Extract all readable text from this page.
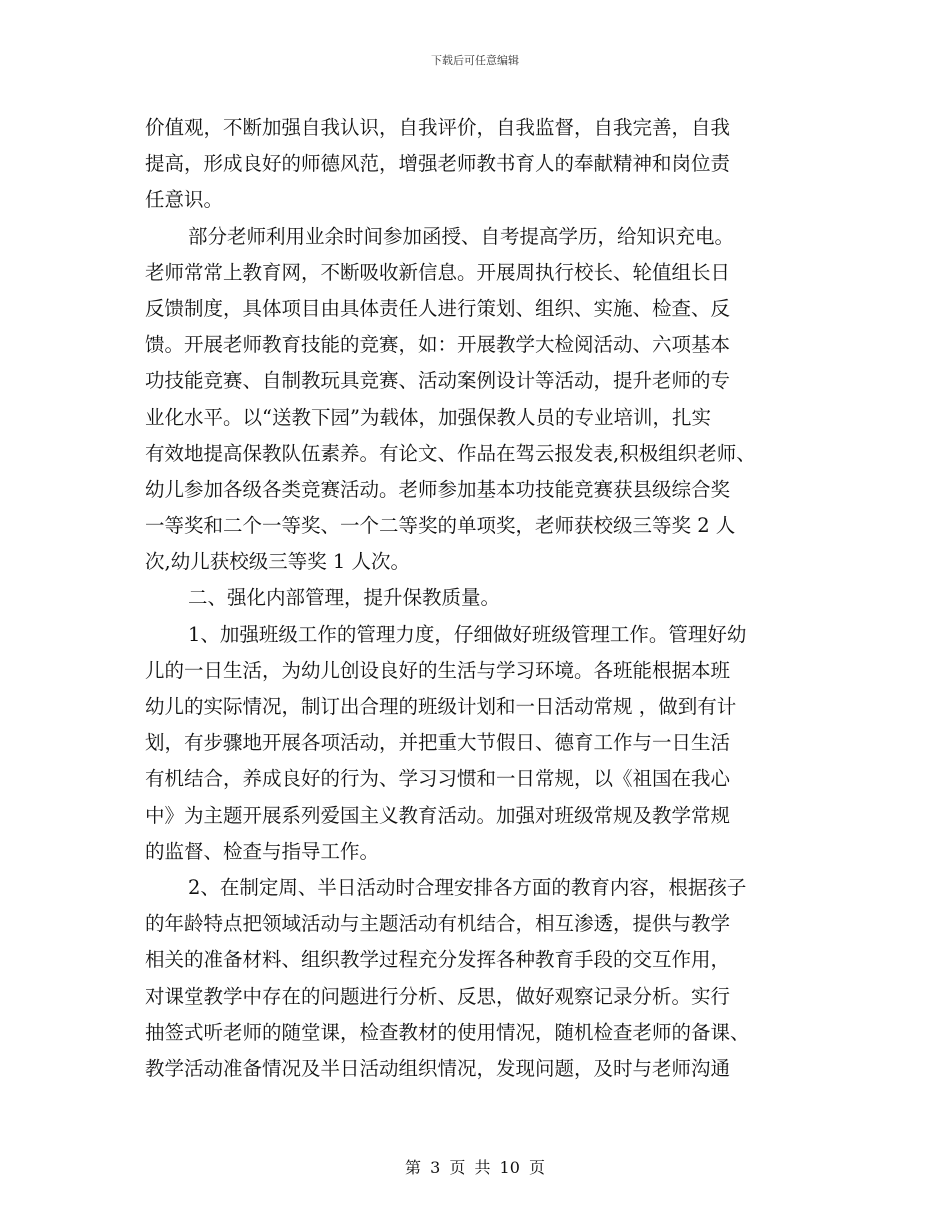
下载后可任意编辑
价值观，不断加强自我认识，自我评价，自我监督，自我完善，自我
提高，形成良好的师德风范，增强老师教书育人的奉献精神和岗位责
任意识。
部分老师利用业余时间参加函授、自考提高学历，给知识充电。
老师常常上教育网，不断吸收新信息。开展周执行校长、轮值组长日
反馈制度，具体项目由具体责任人进行策划、组织、实施、检查、反
馈。开展老师教育技能的竞赛，如：开展教学大检阅活动、六项基本
功技能竞赛、自制教玩具竞赛、活动案例设计等活动，提升老师的专
业化水平。以“送教下园”为载体，加强保教人员的专业培训，扎实
有效地提高保教队伍素养。有论文、作品在驾云报发表,积极组织老师、
幼儿参加各级各类竞赛活动。老师参加基本功技能竞赛获县级综合奖
一等奖和二个一等奖、一个二等奖的单项奖，老师获校级三等奖 2 人
次,幼儿获校级三等奖 1 人次。
二、强化内部管理，提升保教质量。
1、加强班级工作的管理力度，仔细做好班级管理工作。管理好幼
儿的一日生活，为幼儿创设良好的生活与学习环境。各班能根据本班
幼儿的实际情况，制订出合理的班级计划和一日活动常规 ，做到有计
划，有步骤地开展各项活动，并把重大节假日、德育工作与一日生活
有机结合，养成良好的行为、学习习惯和一日常规，以《祖国在我心
中》为主题开展系列爱国主义教育活动。加强对班级常规及教学常规
的监督、检查与指导工作。
2、在制定周、半日活动时合理安排各方面的教育内容，根据孩子
的年龄特点把领域活动与主题活动有机结合，相互渗透，提供与教学
相关的准备材料、组织教学过程充分发挥各种教育手段的交互作用，
对课堂教学中存在的问题进行分析、反思，做好观察记录分析。实行
抽签式听老师的随堂课，检查教材的使用情况，随机检查老师的备课、
教学活动准备情况及半日活动组织情况，发现问题，及时与老师沟通
第 3 页 共 10 页
